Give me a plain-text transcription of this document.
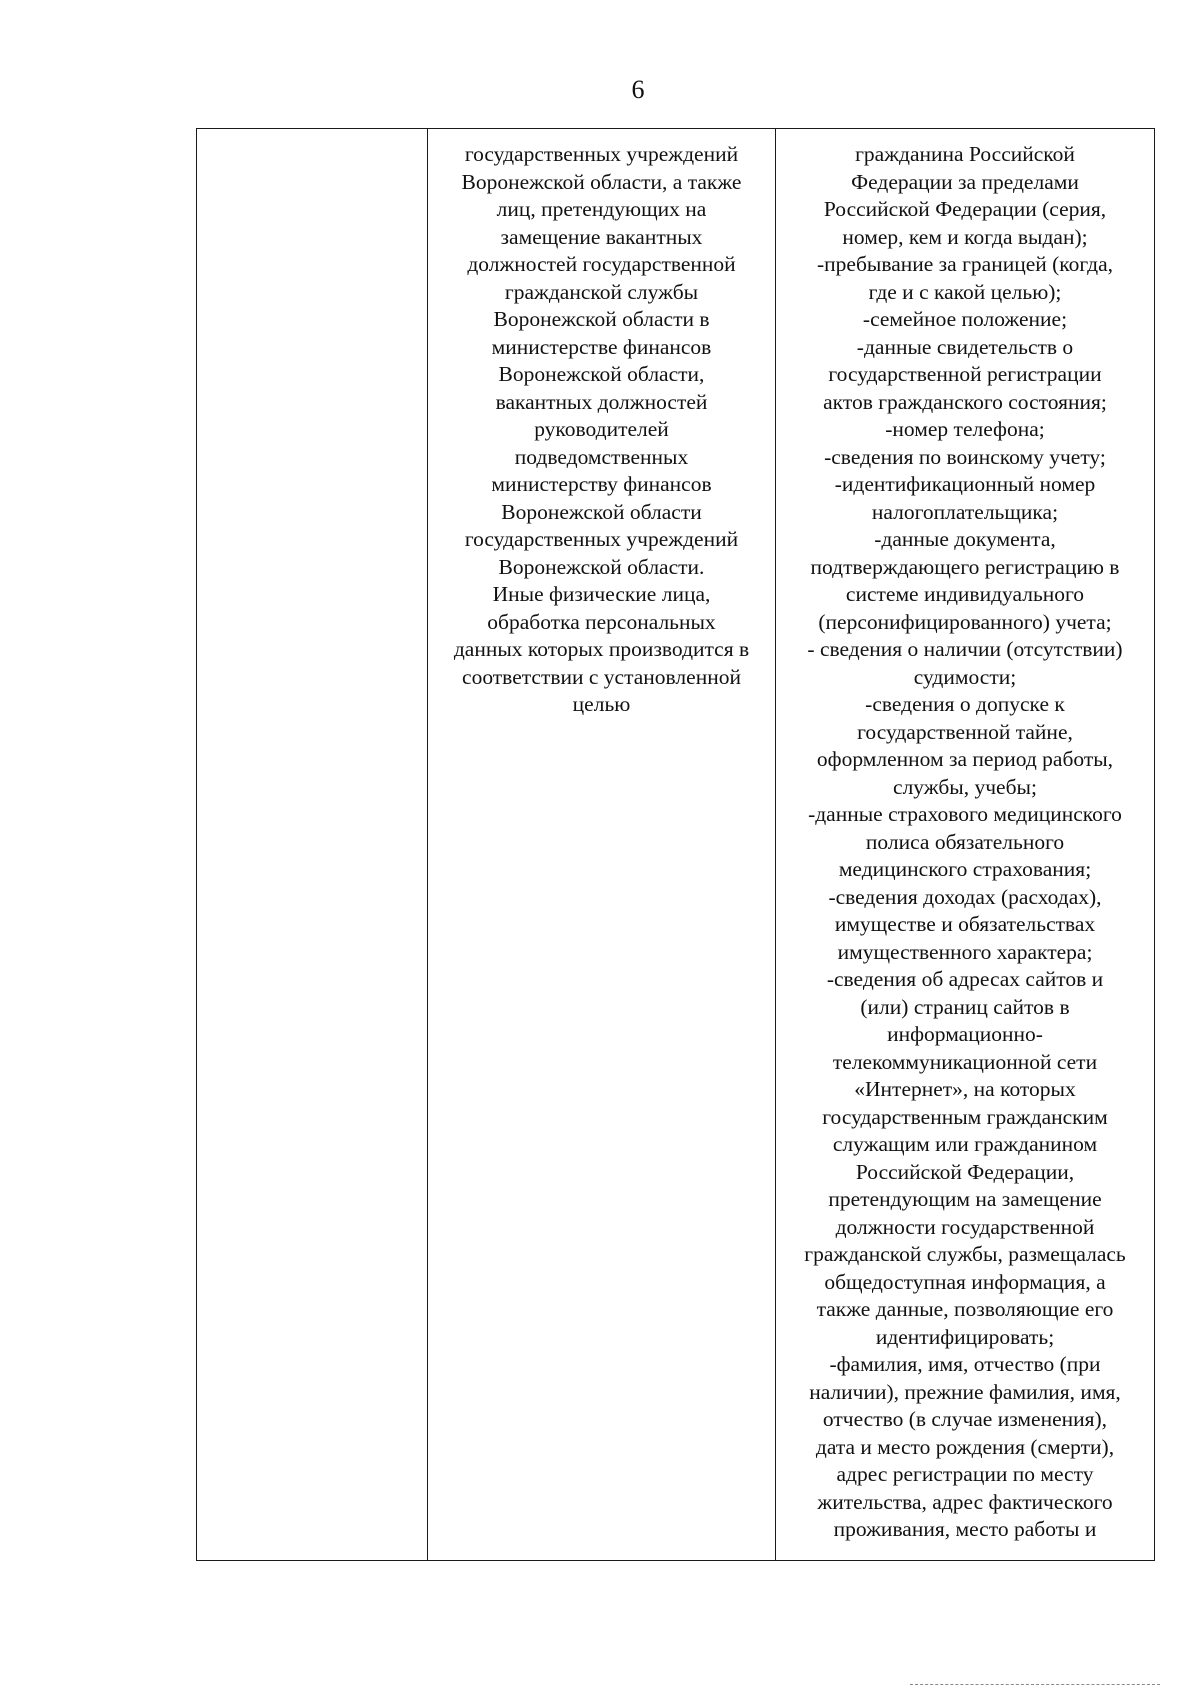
6
государственных учреждений
Воронежской области, а также
лиц, претендующих на
замещение вакантных
должностей государственной
гражданской службы
Воронежской области в
министерстве финансов
Воронежской области,
вакантных должностей
руководителей
подведомственных
министерству финансов
Воронежской области
государственных учреждений
Воронежской области.
Иные физические лица,
обработка персональных
данных которых производится в
соответствии с установленной
целью
гражданина Российской
Федерации за пределами
Российской Федерации (серия,
номер, кем и когда выдан);
-пребывание за границей (когда,
где и с какой целью);
-семейное положение;
-данные свидетельств о
государственной регистрации
актов гражданского состояния;
-номер телефона;
-сведения по воинскому учету;
-идентификационный номер
налогоплательщика;
-данные документа,
подтверждающего регистрацию в
системе индивидуального
(персонифицированного) учета;
- сведения о наличии (отсутствии)
судимости;
-сведения о допуске к
государственной тайне,
оформленном за период работы,
службы, учебы;
-данные страхового медицинского
полиса обязательного
медицинского страхования;
-сведения доходах (расходах),
имуществе и обязательствах
имущественного характера;
-сведения об адресах сайтов и
(или) страниц сайтов в
информационно-
телекоммуникационной сети
«Интернет», на которых
государственным гражданским
служащим или гражданином
Российской Федерации,
претендующим на замещение
должности государственной
гражданской службы, размещалась
общедоступная информация, а
также данные, позволяющие его
идентифицировать;
-фамилия, имя, отчество (при
наличии), прежние фамилия, имя,
отчество (в случае изменения),
дата и место рождения (смерти),
адрес регистрации по месту
жительства, адрес фактического
проживания, место работы и
